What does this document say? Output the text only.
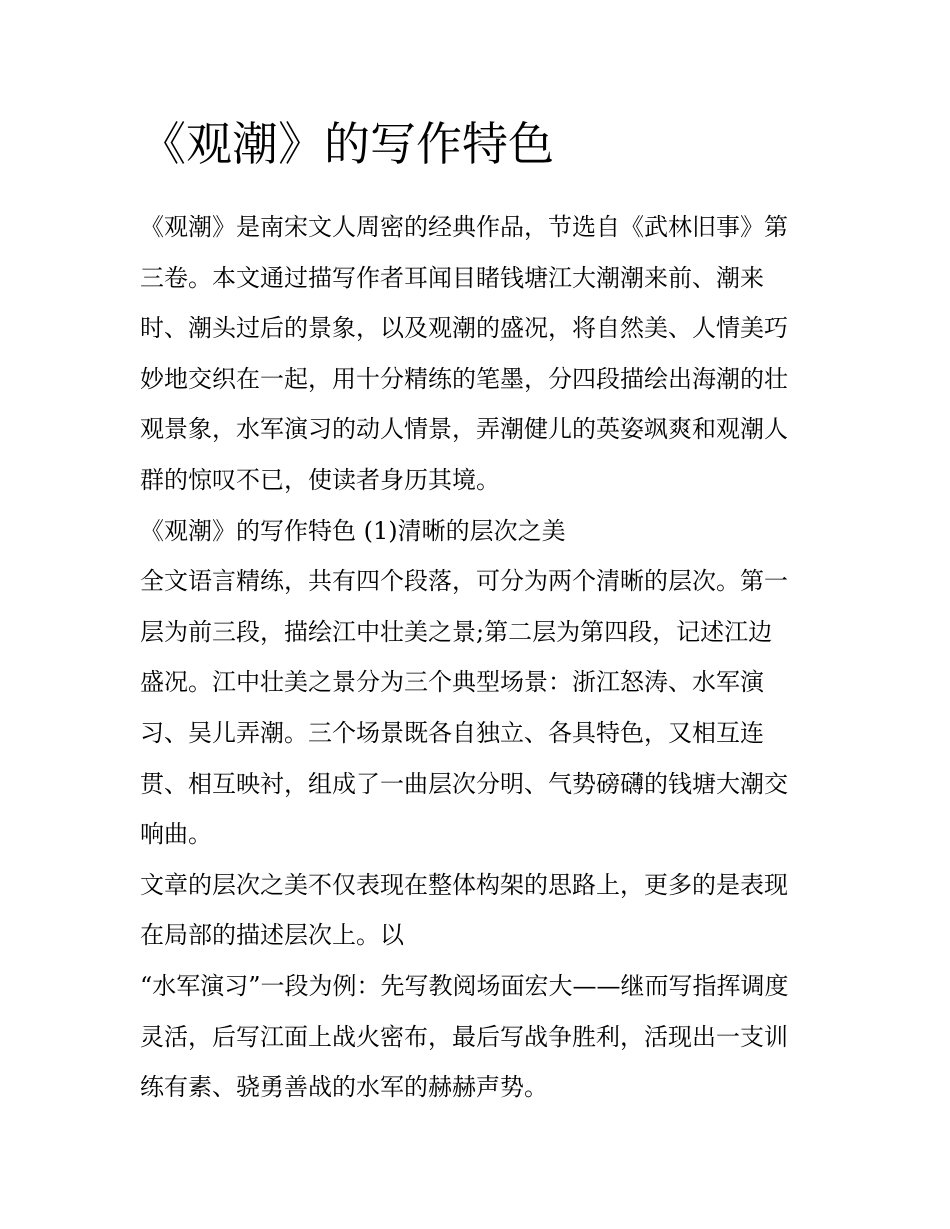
《观潮》的写作特色
《观潮》是南宋文人周密的经典作品，节选自《武林旧事》第
三卷。本文通过描写作者耳闻目睹钱塘江大潮潮来前、潮来
时、潮头过后的景象，以及观潮的盛况，将自然美、人情美巧
妙地交织在一起，用十分精练的笔墨，分四段描绘出海潮的壮
观景象，水军演习的动人情景，弄潮健儿的英姿飒爽和观潮人
群的惊叹不已，使读者身历其境。
《观潮》的写作特色 (1)清晰的层次之美
全文语言精练，共有四个段落，可分为两个清晰的层次。第一
层为前三段，描绘江中壮美之景;第二层为第四段，记述江边
盛况。江中壮美之景分为三个典型场景：浙江怒涛、水军演
习、吴儿弄潮。三个场景既各自独立、各具特色，又相互连
贯、相互映衬，组成了一曲层次分明、气势磅礴的钱塘大潮交
响曲。
文章的层次之美不仅表现在整体构架的思路上，更多的是表现
在局部的描述层次上。以
“水军演习”一段为例：先写教阅场面宏大——继而写指挥调度
灵活，后写江面上战火密布，最后写战争胜利，活现出一支训
练有素、骁勇善战的水军的赫赫声势。
